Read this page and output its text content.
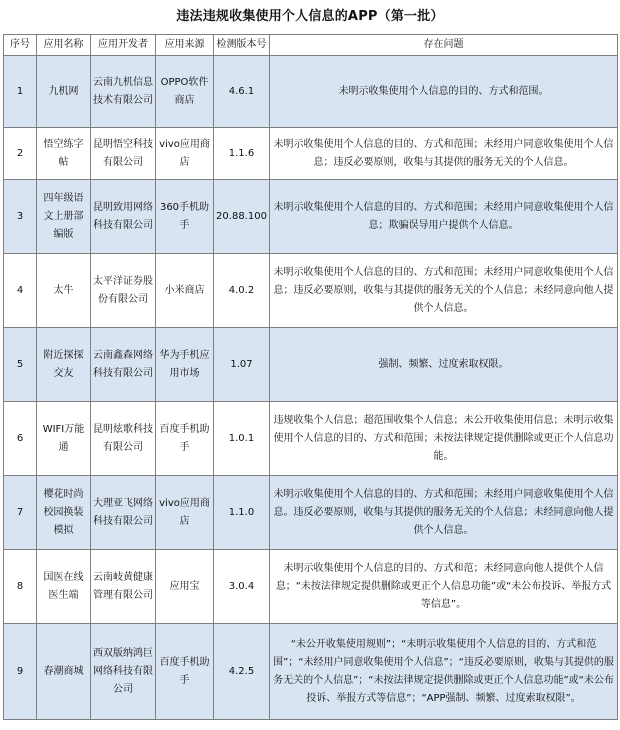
违法违规收集使用个人信息的APP（第一批）
序号	应用名称	应用开发者	应用来源	检测版本号	存在问题
1	九机网	云南九机信息技术有限公司	OPPO软件商店	4.6.1	未明示收集使用个人信息的目的、方式和范围。
2	悟空练字帖	昆明悟空科技有限公司	vivo应用商店	1.1.6	未明示收集使用个人信息的目的、方式和范围；未经用户同意收集使用个人信息；违反必要原则，收集与其提供的服务无关的个人信息。
3	四年级语文上册部编版	昆明致用网络科技有限公司	360手机助手	20.88.100	未明示收集使用个人信息的目的、方式和范围；未经用户同意收集使用个人信息；欺骗误导用户提供个人信息。
4	太牛	太平洋证券股份有限公司	小米商店	4.0.2	未明示收集使用个人信息的目的、方式和范围；未经用户同意收集使用个人信息；违反必要原则，收集与其提供的服务无关的个人信息；未经同意向他人提供个人信息。
5	附近探探交友	云南鑫森网络科技有限公司	华为手机应用市场	1.07	强制、频繁、过度索取权限。
6	WIFI万能通	昆明炫歌科技有限公司	百度手机助手	1.0.1	违规收集个人信息；超范围收集个人信息；未公开收集使用信息；未明示收集使用个人信息的目的、方式和范围；未按法律规定提供删除或更正个人信息功能。
7	樱花时尚校园换装模拟	大理亚飞网络科技有限公司	vivo应用商店	1.1.0	未明示收集使用个人信息的目的、方式和范围；未经用户同意收集使用个人信息。违反必要原则，收集与其提供的服务无关的个人信息；未经同意向他人提供个人信息。
8	国医在线医生端	云南岐黄健康管理有限公司	应用宝	3.0.4	未明示收集使用个人信息的目的、方式和范；未经同意向他人提供个人信息；“未按法律规定提供删除或更正个人信息功能”或“未公布投诉、举报方式等信息”。
9	春潮商城	西双版纳鸿巨网络科技有限公司	百度手机助手	4.2.5	“未公开收集使用规则”；“未明示收集使用个人信息的目的、方式和范围”；“未经用户同意收集使用个人信息”；“违反必要原则，收集与其提供的服务无关的个人信息”；“未按法律规定提供删除或更正个人信息功能”或“未公布投诉、举报方式等信息”；“APP强制、频繁、过度索取权限”。
